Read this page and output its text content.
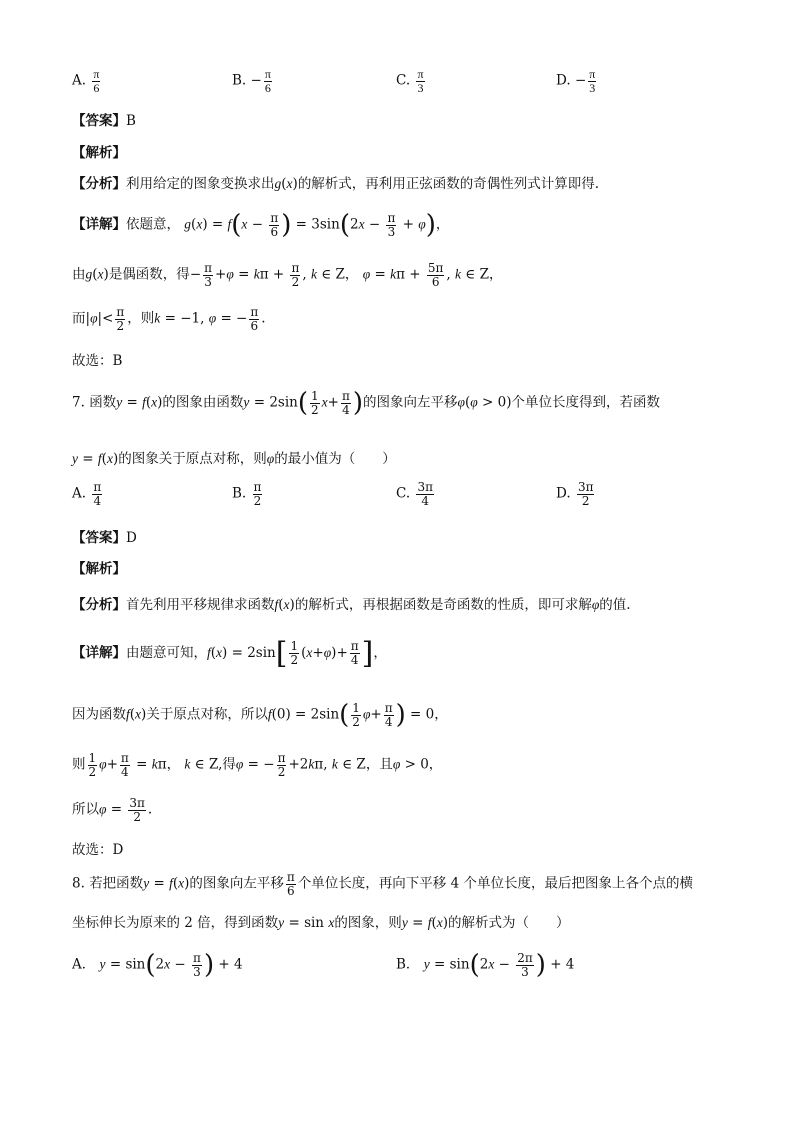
A. $\frac{\pi}{6}$	B. − $\frac{\pi}{6}$	C. $\frac{\pi}{3}$	D. − $\frac{\pi}{3}$
【答案】B
【解析】
【分析】利用给定的图象变换求出g(x)的解析式，再利用正弦函数的奇偶性列式计算即得.
【详解】依题意， $g(x) = f(x - \frac{\pi}{6}$ ) = $3\sin(2x - \frac{\pi}{3} + \varphi)$，
由g(x)是偶函数，得− $\frac{\pi}{3} +\varphi = k\pi + \frac{\pi}{2}$ , k ∈ Z， $\varphi = k\pi + \frac{5\pi}{6}$ , k ∈ Z，
而$|\varphi|< \frac{\pi}{2}$ ，则k = −1, φ = − $\frac{\pi}{6}$ .
故选：B
7. 函数y = f(x)的图象由函数$y = 2\sin( \frac{1}{2} x+ \frac{\pi}{4}$ )的图象向左平移φ(φ > 0)个单位长度得到，若函数
y = f(x)的图象关于原点对称，则φ的最小值为（　　）
A. $\frac{\pi}{4}$	B. $\frac{\pi}{2}$	C. $\frac{3\pi}{4}$	D. $\frac{3\pi}{2}$
【答案】D
【解析】
【分析】首先利用平移规律求函数f(x)的解析式，再根据函数是奇函数的性质，即可求解φ的值.
【详解】由题意可知，$f(x) = 2\sin[ \frac{1}{2} (x+\varphi)+ \frac{\pi}{4}$ ]，
因为函数f(x)关于原点对称，所以$f(0) = 2\sin( \frac{1}{2} \varphi+ \frac{\pi}{4}$ ) = 0，
则 $\frac{1}{2} \varphi+ \frac{\pi}{4} = k\pi$， k ∈ Z,得φ = − $\frac{\pi}{2} +2k\pi$, k ∈ Z，且φ > 0，
所以$\varphi = \frac{3\pi}{2}$ .
故选：D
8. 若把函数y = f(x)的图象向左平移 $\frac{\pi}{6}$ 个单位长度，再向下平移 4 个单位长度，最后把图象上各个点的横
坐标伸长为原来的 2 倍，得到函数y = sin x的图象，则y = f(x)的解析式为（　　）
A． $y = \sin(2x - \frac{\pi}{3}$ ) + 4	B． $y = \sin(2x - \frac{2\pi}{3}$ ) + 4
